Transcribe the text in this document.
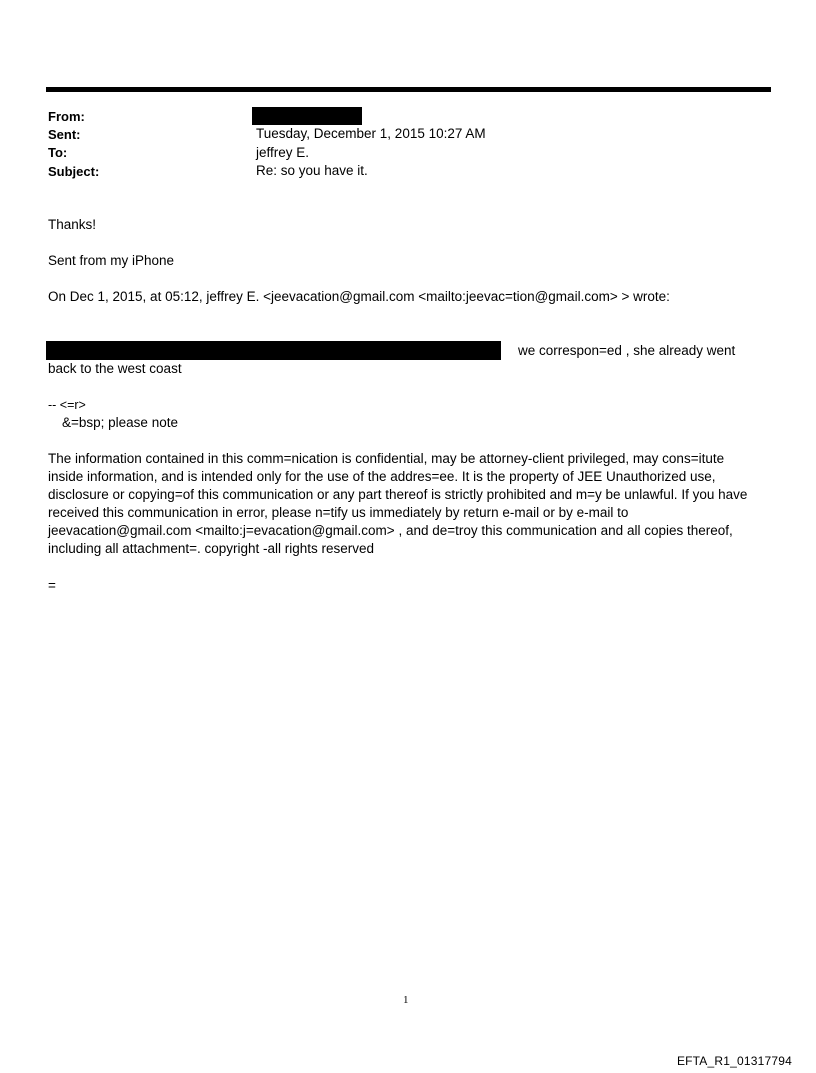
From:
Sent:	Tuesday, December 1, 2015 10:27 AM
To:	jeffrey E.
Subject:	Re: so you have it.
Thanks!
Sent from my iPhone
On Dec 1, 2015, at 05:12, jeffrey E. <jeevacation@gmail.com <mailto:jeevac=tion@gmail.com> > wrote:
we correspon=ed , she already went
back to the west coast
-- <=r>
&=bsp; please note
The information contained in this comm=nication is confidential, may be attorney-client privileged, may cons=itute inside information, and is intended only for the use of the addres=ee. It is the property of JEE Unauthorized use, disclosure or copying=of this communication or any part thereof is strictly prohibited and m=y be unlawful. If you have received this communication in error, please n=tify us immediately by return e-mail or by e-mail to jeevacation@gmail.com <mailto:j=evacation@gmail.com> , and de=troy this communication and all copies thereof, including all attachment=. copyright -all rights reserved
=
1
EFTA_R1_01317794
